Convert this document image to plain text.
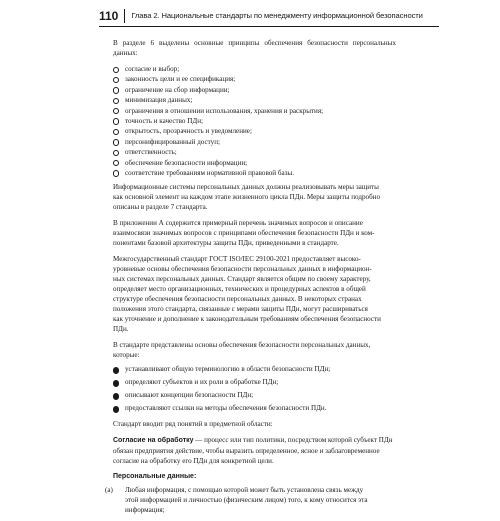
110	Глава 2. Национальные стандарты по менеджменту информационной безопасности

В разделе 6 выделены основные принципы обеспечения безопасности персональных данных:

согласие и выбор;
законность цели и ее спецификация;
ограничение на сбор информации;
минимизация данных;
ограничения в отношении использования, хранения и раскрытия;
точность и качество ПДн;
открытость, прозрачность и уведомление;
персонифицированный доступ;
ответственность;
обеспечение безопасности информации;
соответствие требованиям нормативной правовой базы.

Информационные системы персональных данных должны реализовывать меры защиты
как основной элемент на каждом этапе жизненного цикла ПДн. Меры защиты подробно
описаны в разделе 7 стандарта.

В приложении А содержится примерный перечень значимых вопросов и описание
взаимосвязи значимых вопросов с принципами обеспечения безопасности ПДн и ком-
понентами базовой архитектуры защиты ПДн, приведенными в стандарте.

Межгосударственный стандарт ГОСТ ISO/IEC 29100-2021 предоставляет высоко-
уровневые основы обеспечения безопасности персональных данных в информацион-
ных системах персональных данных. Стандарт является общим по своему характеру,
определяет место организационных, технических и процедурных аспектов в общей
структуре обеспечения безопасности персональных данных. В некоторых странах
положения этого стандарта, связанные с мерами защиты ПДн, могут расшириваться
как уточнение и дополнение к законодательным требованиям обеспечения безопасности
ПДн.

В стандарте представлены основы обеспечения безопасности персональных данных,
которые:

устанавливают общую терминологию в области безопасности ПДн;
определяют субъектов и их роли в обработке ПДн;
описывают концепции безопасности ПДн;
предоставляют ссылки на методы обеспечения безопасности ПДн.

Стандарт вводит ряд понятий в предметной области:

Согласие на обработку — процесс или тип политики, посредством которой субъект ПДн
обязан предприятия действие, чтобы выразить определенное, ясное и заблаговременное
согласие на обработку его ПДн для конкретной цели.

Персональные данные:

(а) Любая информация, с помощью которой может быть установлена связь между
этой информацией и личностью (физическим лицом) того, к кому относится эта
информация;
